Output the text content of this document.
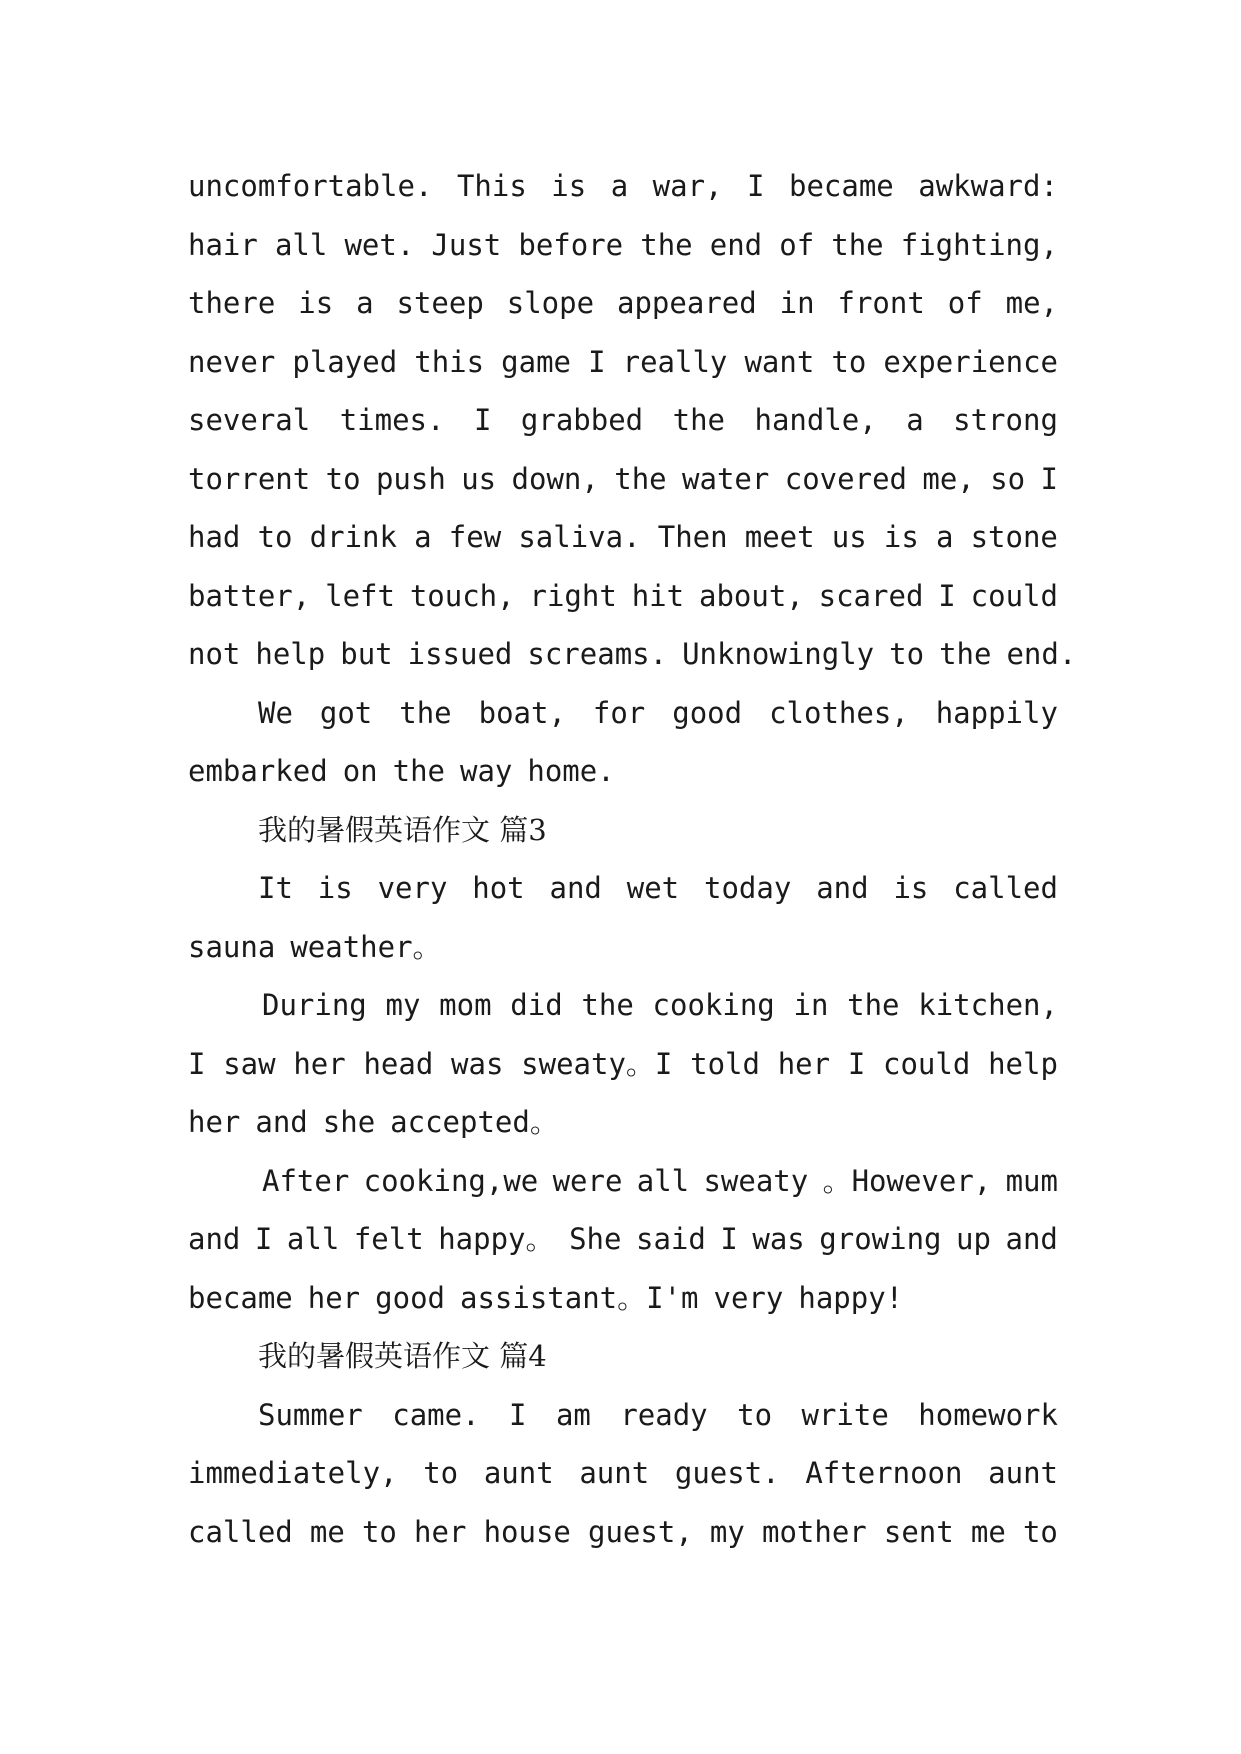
uncomfortable. This is a war, I became awkward:
hair all wet. Just before the end of the fighting,
there is a steep slope appeared in front of me,
never played this game I really want to experience
several times. I grabbed the handle, a strong
torrent to push us down, the water covered me, so I
had to drink a few saliva. Then meet us is a stone
batter, left touch, right hit about, scared I could
not help but issued screams. Unknowingly to the end.
We got the boat, for good clothes, happily
embarked on the way home.
我的暑假英语作文 篇3
It is very hot and wet today and is called
sauna weather。
During my mom did the cooking in the kitchen,
I saw her head was sweaty。I told her I could help
her and she accepted。
After cooking,we were all sweaty 。However, mum
and I all felt happy。 She said I was growing up and
became her good assistant。I'm very happy!
我的暑假英语作文 篇4
Summer came. I am ready to write homework
immediately, to aunt aunt guest. Afternoon aunt
called me to her house guest, my mother sent me to
